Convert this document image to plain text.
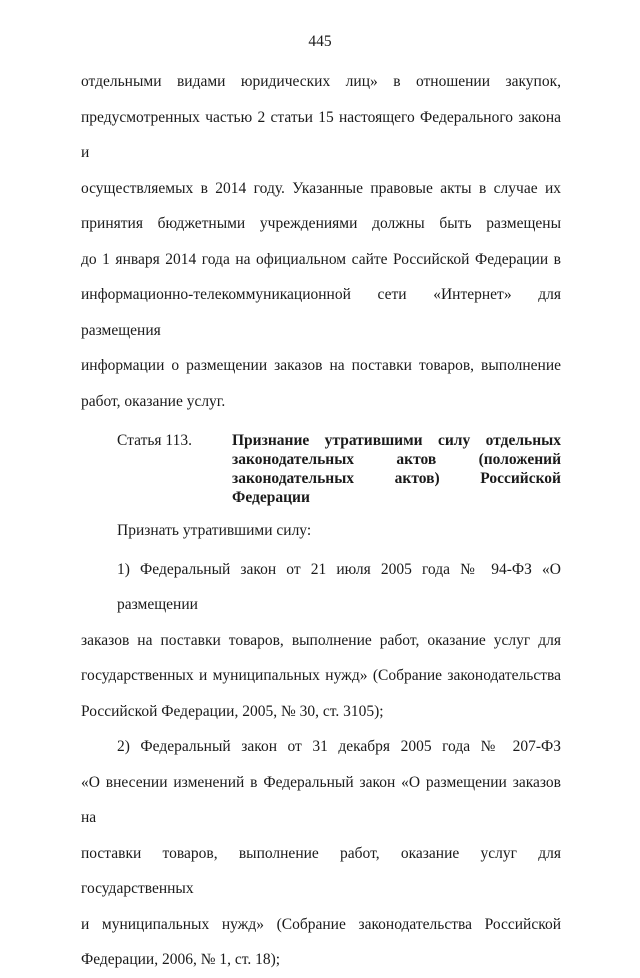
445

отдельными видами юридических лиц» в отношении закупок,
предусмотренных частью 2 статьи 15 настоящего Федерального закона и
осуществляемых в 2014 году. Указанные правовые акты в случае их
принятия бюджетными учреждениями должны быть размещены
до 1 января 2014 года на официальном сайте Российской Федерации в
информационно-телекоммуникационной сети «Интернет» для размещения
информации о размещении заказов на поставки товаров, выполнение
работ, оказание услуг.

Статья 113.	Признание утратившими силу отдельных
законодательных актов (положений
законодательных актов) Российской Федерации

Признать утратившими силу:

1) Федеральный закон от 21 июля 2005 года № 94-ФЗ «О размещении
заказов на поставки товаров, выполнение работ, оказание услуг для
государственных и муниципальных нужд» (Собрание законодательства
Российской Федерации, 2005, № 30, ст. 3105);

2) Федеральный закон от 31 декабря 2005 года № 207-ФЗ
«О внесении изменений в Федеральный закон «О размещении заказов на
поставки товаров, выполнение работ, оказание услуг для государственных
и муниципальных нужд» (Собрание законодательства Российской
Федерации, 2006, № 1, ст. 18);
